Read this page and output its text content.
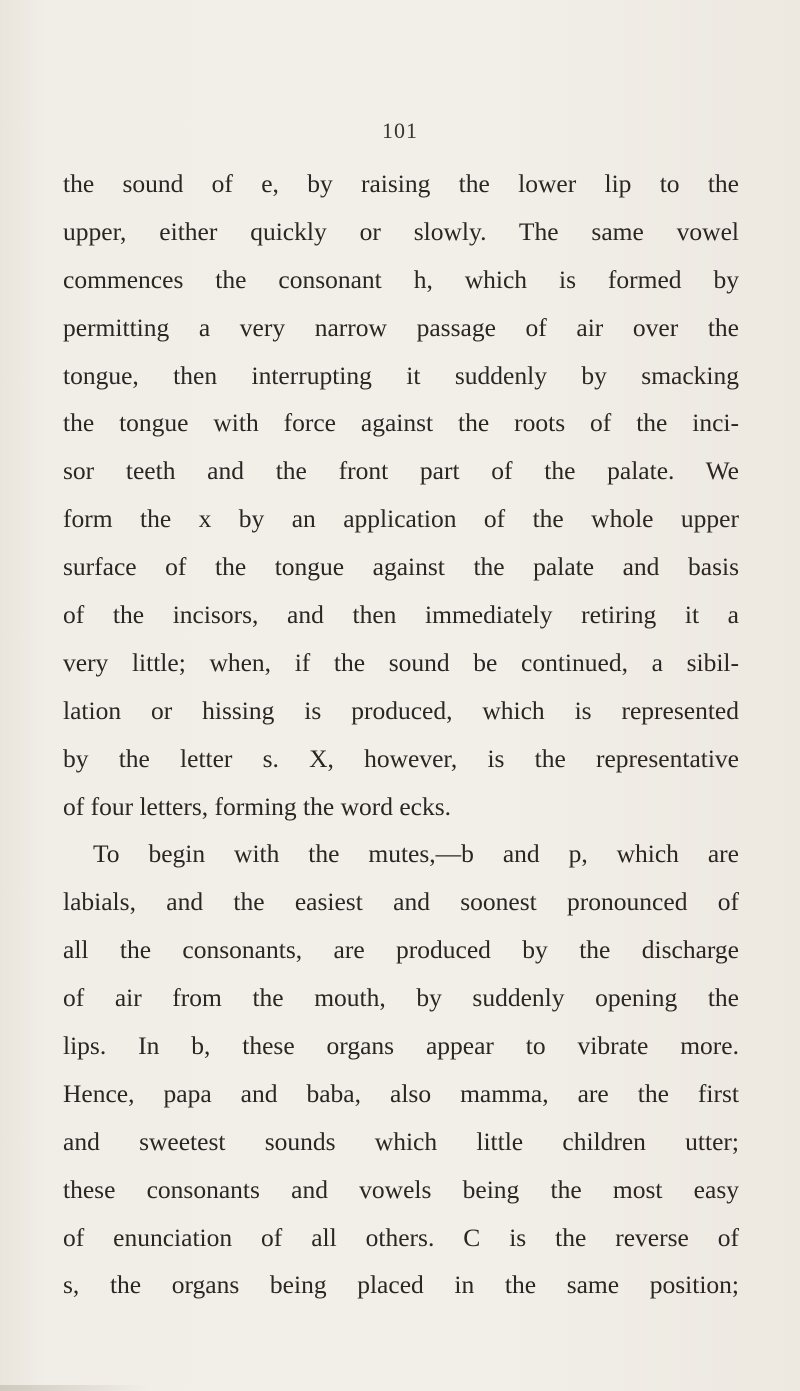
101
the sound of e, by raising the lower lip to the
upper, either quickly or slowly. The same vowel
commences the consonant h, which is formed by
permitting a very narrow passage of air over the
tongue, then interrupting it suddenly by smacking
the tongue with force against the roots of the inci-
sor teeth and the front part of the palate. We
form the x by an application of the whole upper
surface of the tongue against the palate and basis
of the incisors, and then immediately retiring it a
very little; when, if the sound be continued, a sibil-
lation or hissing is produced, which is represented
by the letter s. X, however, is the representative
of four letters, forming the word ecks.
To begin with the mutes,—b and p, which are
labials, and the easiest and soonest pronounced of
all the consonants, are produced by the discharge
of air from the mouth, by suddenly opening the
lips. In b, these organs appear to vibrate more.
Hence, papa and baba, also mamma, are the first
and sweetest sounds which little children utter;
these consonants and vowels being the most easy
of enunciation of all others. C is the reverse of
s, the organs being placed in the same position;
